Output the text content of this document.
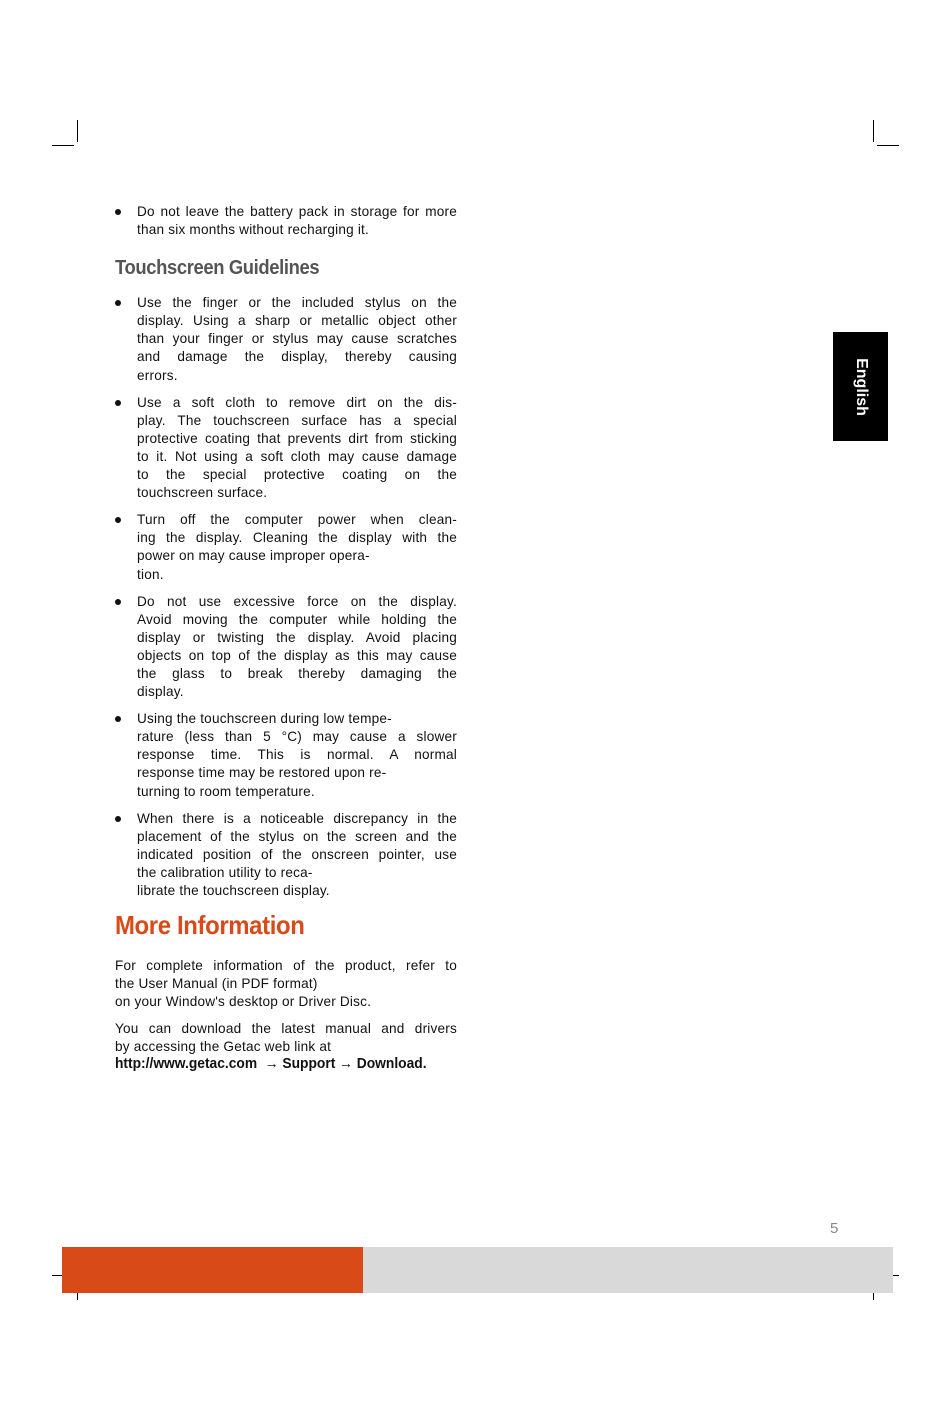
English
Do not leave the battery pack in storage for more
than six months without recharging it.
Touchscreen Guidelines
Use the finger or the included stylus on the
display. Using a sharp or metallic object other
than your finger or stylus may cause scratches
and damage the display, thereby causing
errors.
Use a soft cloth to remove dirt on the dis-
play. The touchscreen surface has a special
protective coating that prevents dirt from sticking
to it. Not using a soft cloth may cause damage
to the special protective coating on the
touchscreen surface.
Turn off the computer power when clean-
ing the display. Cleaning the display with the
power on may cause improper opera-
tion.
Do not use excessive force on the display.
Avoid moving the computer while holding the
display or twisting the display. Avoid placing
objects on top of the display as this may cause
the glass to break thereby damaging the
display.
Using the touchscreen during low tempe-
rature (less than 5 °C) may cause a slower
response time. This is normal. A normal
response time may be restored upon re-
turning to room temperature.
When there is a noticeable discrepancy in the
placement of the stylus on the screen and the
indicated position of the onscreen pointer, use
the calibration utility to reca-
librate the touchscreen display.
More Information
For complete information of the product, refer to
the User Manual (in PDF format)
on your Window's desktop or Driver Disc.
You can download the latest manual and drivers
by accessing the Getac web link at
http://www.getac.com → Support → Download.
5
